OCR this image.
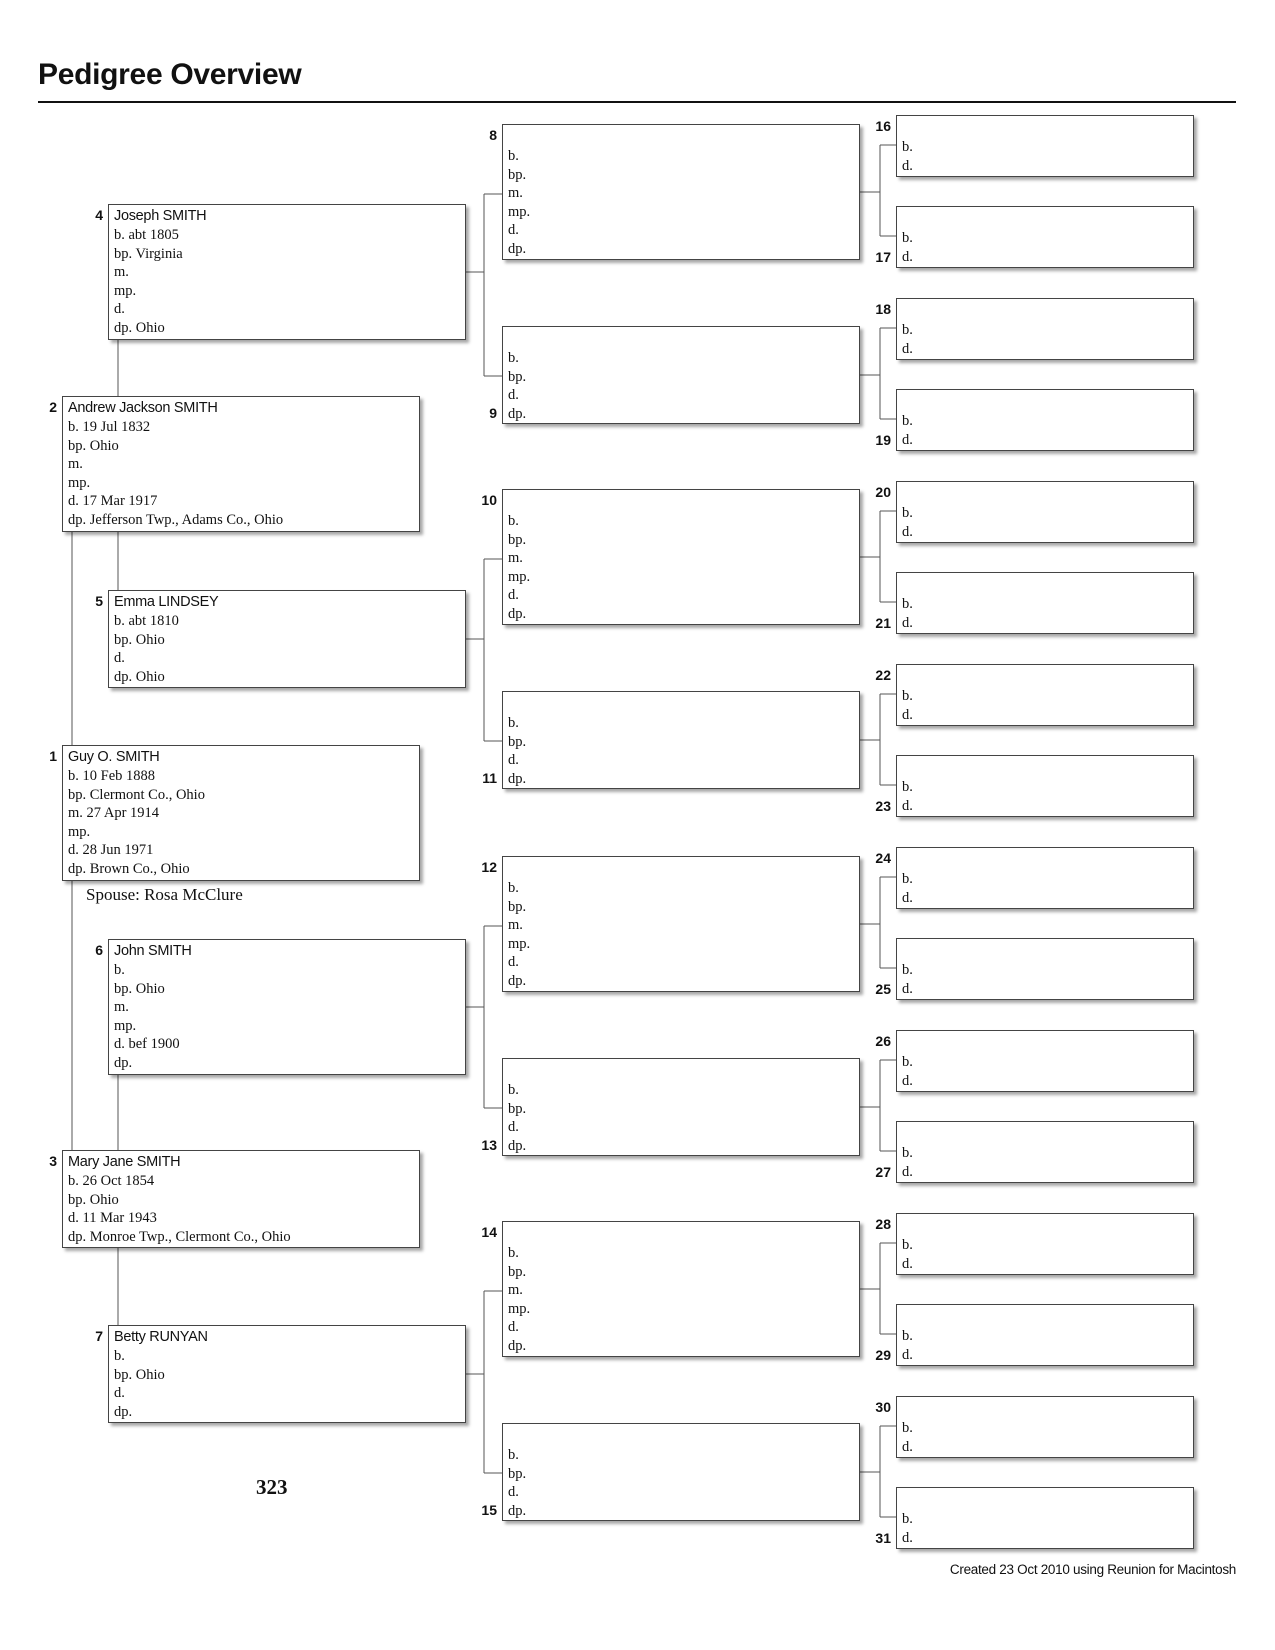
Pedigree Overview
Guy O. SMITH
b. 10 Feb 1888
bp. Clermont Co., Ohio
m. 27 Apr 1914
mp.
d. 28 Jun 1971
dp. Brown Co., Ohio
1
Andrew Jackson SMITH
b. 19 Jul 1832
bp. Ohio
m.
mp.
d. 17 Mar 1917
dp. Jefferson Twp., Adams Co., Ohio
2
Mary Jane SMITH
b. 26 Oct 1854
bp. Ohio
d. 11 Mar 1943
dp. Monroe Twp., Clermont Co., Ohio
3
Joseph SMITH
b. abt 1805
bp. Virginia
m.
mp.
d.
dp. Ohio
4
Emma LINDSEY
b. abt 1810
bp. Ohio
d.
dp. Ohio
5
John SMITH
b.
bp. Ohio
m.
mp.
d. bef 1900
dp.
6
Betty RUNYAN
b.
bp. Ohio
d.
dp.
7
b.
bp.
m.
mp.
d.
dp.
8
b.
bp.
d.
dp.
9
b.
bp.
m.
mp.
d.
dp.
10
b.
bp.
d.
dp.
11
b.
bp.
m.
mp.
d.
dp.
12
b.
bp.
d.
dp.
13
b.
bp.
m.
mp.
d.
dp.
14
b.
bp.
d.
dp.
15
b.
d.
16
b.
d.
17
b.
d.
18
b.
d.
19
b.
d.
20
b.
d.
21
b.
d.
22
b.
d.
23
b.
d.
24
b.
d.
25
b.
d.
26
b.
d.
27
b.
d.
28
b.
d.
29
b.
d.
30
b.
d.
31
Spouse: Rosa McClure
323
Created 23 Oct 2010 using Reunion for Macintosh
